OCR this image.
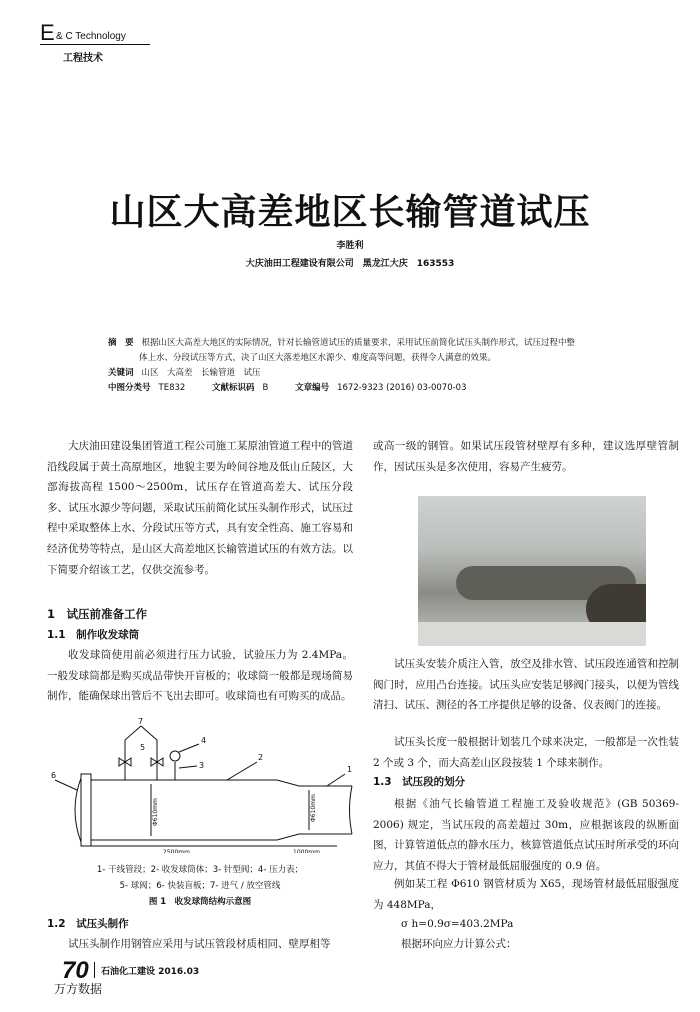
E & C Technology
工程技术
山区大高差地区长输管道试压
李胜利
大庆油田工程建设有限公司　黑龙江大庆　163553
摘　要 根据山区大高差大地区的实际情况，针对长输管道试压的质量要求，采用试压前简化试压头制作形式，试压过程中整
体上水、分段试压等方式，决了山区大落差地区水源少、难度高等问题，获得令人满意的效果。
关键词 山区　大高差　长输管道　试压
中图分类号 TE832	文献标识码 B	文章编号 1672-9323 (2016) 03-0070-03
大庆油田建设集团管道工程公司施工某原油管道工程中的管道沿线段属于黄土高原地区，地貌主要为岭间谷地及低山丘陵区，大部海拔高程 1500～2500m，试压存在管道高差大、试压分段多、试压水源少等问题，采取试压前简化试压头制作形式，试压过程中采取整体上水、分段试压等方式，具有安全性高、施工容易和经济优势等特点，是山区大高差地区长输管道试压的有效方法。以下简要介绍该工艺，仅供交流参考。
1　试压前准备工作
1.1　制作收发球筒
收发球筒使用前必须进行压力试验，试验压力为 2.4MPa。一般发球筒都是购买成品带快开盲板的；收球筒一般都是现场简易制作，能确保球出管后不飞出去即可。收球筒也有可购买的成品。
1
2
3
4
5
6
7
2500mm	1000mm
Φ610mm	Φ610mm
1- 干线管段；2- 收发球筒体；3- 针型阀；4- 压力表；
5- 球阀；6- 快装盲板；7- 进气 / 放空管线
图 1　收发球筒结构示意图
1.2　试压头制作
试压头制作用钢管应采用与试压管段材质相同、壁厚相等
或高一级的钢管。如果试压段管材壁厚有多种，建议选厚壁管制作，因试压头是多次使用，容易产生疲劳。
试压头安装介质注入管，放空及排水管、试压段连通管和控制阀门时，应用凸台连接。试压头应安装足够阀门接头，以便为管线清扫、试压、测径的各工序提供足够的设备、仪表阀门的连接。
试压头长度一般根据计划装几个球来决定，一般都是一次性装 2 个或 3 个，而大高差山区段按装 1 个球来制作。
1.3　试压段的划分
根据《油气长输管道工程施工及验收规范》(GB 50369-2006) 规定，当试压段的高差超过 30m，应根据该段的纵断面图，计算管道低点的静水压力，核算管道低点试压时所承受的环向应力，其值不得大于管材最低屈服强度的 0.9 倍。
例如某工程 Φ610 钢管材质为 X65，现场管材最低屈服强度为 448MPa，
σ h=0.9σ=403.2MPa
根据环向应力计算公式：
70 石油化工建设 2016.03
万方数据
